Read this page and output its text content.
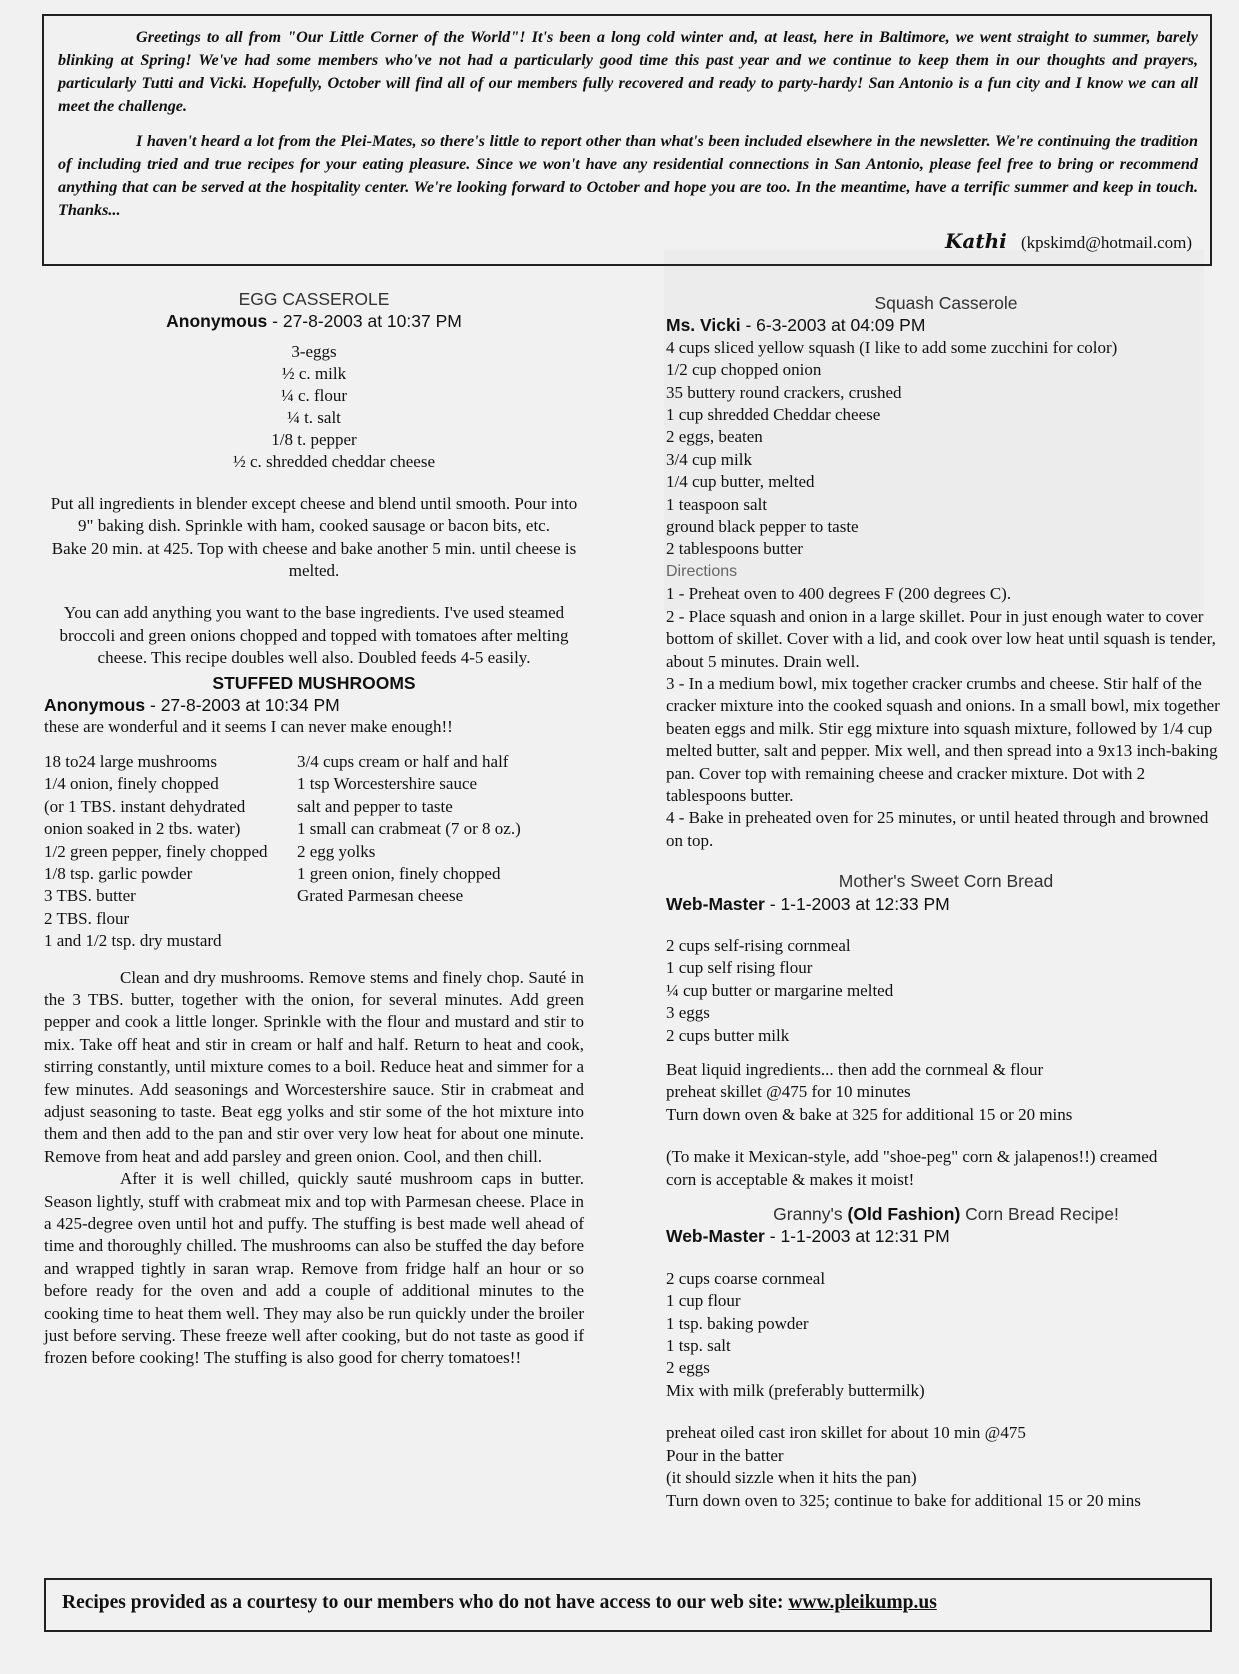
Greetings to all from "Our Little Corner of the World"! It's been a long cold winter and, at least, here in Baltimore, we went straight to summer, barely blinking at Spring! We've had some members who've not had a particularly good time this past year and we continue to keep them in our thoughts and prayers, particularly Tutti and Vicki. Hopefully, October will find all of our members fully recovered and ready to party-hardy! San Antonio is a fun city and I know we can all meet the challenge.

I haven't heard a lot from the Plei-Mates, so there's little to report other than what's been included elsewhere in the newsletter. We're continuing the tradition of including tried and true recipes for your eating pleasure. Since we won't have any residential connections in San Antonio, please feel free to bring or recommend anything that can be served at the hospitality center. We're looking forward to October and hope you are too. In the meantime, have a terrific summer and keep in touch. Thanks...

Kathi (kpskimd@hotmail.com)
EGG CASSEROLE
Anonymous - 27-8-2003 at 10:37 PM
3-eggs
½ c. milk
¼ c. flour
¼ t. salt
1/8 t. pepper
½ c. shredded cheddar cheese
Put all ingredients in blender except cheese and blend until smooth. Pour into 9" baking dish. Sprinkle with ham, cooked sausage or bacon bits, etc.
Bake 20 min. at 425. Top with cheese and bake another 5 min. until cheese is melted.
You can add anything you want to the base ingredients. I've used steamed broccoli and green onions chopped and topped with tomatoes after melting cheese. This recipe doubles well also. Doubled feeds 4-5 easily.
STUFFED MUSHROOMS
Anonymous - 27-8-2003 at 10:34 PM
these are wonderful and it seems I can never make enough!!
18 to24 large mushrooms
1/4 onion, finely chopped
(or 1 TBS. instant dehydrated
onion soaked in 2 tbs. water)
1/2 green pepper, finely chopped
1/8 tsp. garlic powder
3 TBS. butter
2 TBS. flour
1 and 1/2 tsp. dry mustard
3/4 cups cream or half and half
1 tsp Worcestershire sauce
salt and pepper to taste
1 small can crabmeat (7 or 8 oz.)
2 egg yolks
1 green onion, finely chopped
Grated Parmesan cheese
Clean and dry mushrooms. Remove stems and finely chop. Sauté in the 3 TBS. butter, together with the onion, for several minutes. Add green pepper and cook a little longer. Sprinkle with the flour and mustard and stir to mix. Take off heat and stir in cream or half and half. Return to heat and cook, stirring constantly, until mixture comes to a boil. Reduce heat and simmer for a few minutes. Add seasonings and Worcestershire sauce. Stir in crabmeat and adjust seasoning to taste. Beat egg yolks and stir some of the hot mixture into them and then add to the pan and stir over very low heat for about one minute. Remove from heat and add parsley and green onion. Cool, and then chill.
After it is well chilled, quickly sauté mushroom caps in butter. Season lightly, stuff with crabmeat mix and top with Parmesan cheese. Place in a 425-degree oven until hot and puffy. The stuffing is best made well ahead of time and thoroughly chilled. The mushrooms can also be stuffed the day before and wrapped tightly in saran wrap. Remove from fridge half an hour or so before ready for the oven and add a couple of additional minutes to the cooking time to heat them well. They may also be run quickly under the broiler just before serving. These freeze well after cooking, but do not taste as good if frozen before cooking! The stuffing is also good for cherry tomatoes!!
Squash Casserole
Ms. Vicki - 6-3-2003 at 04:09 PM
4 cups sliced yellow squash (I like to add some zucchini for color)
1/2 cup chopped onion
35 buttery round crackers, crushed
1 cup shredded Cheddar cheese
2 eggs, beaten
3/4 cup milk
1/4 cup butter, melted
1 teaspoon salt
ground black pepper to taste
2 tablespoons butter
Directions
1 - Preheat oven to 400 degrees F (200 degrees C).
2 - Place squash and onion in a large skillet. Pour in just enough water to cover bottom of skillet. Cover with a lid, and cook over low heat until squash is tender, about 5 minutes. Drain well.
3 - In a medium bowl, mix together cracker crumbs and cheese. Stir half of the cracker mixture into the cooked squash and onions. In a small bowl, mix together beaten eggs and milk. Stir egg mixture into squash mixture, followed by 1/4 cup melted butter, salt and pepper. Mix well, and then spread into a 9x13 inch-baking pan. Cover top with remaining cheese and cracker mixture. Dot with 2 tablespoons butter.
4 - Bake in preheated oven for 25 minutes, or until heated through and browned on top.
Mother's Sweet Corn Bread
Web-Master - 1-1-2003 at 12:33 PM
2 cups self-rising cornmeal
1 cup self rising flour
¼ cup butter or margarine melted
3 eggs
2 cups butter milk
Beat liquid ingredients... then add the cornmeal & flour
preheat skillet @475 for 10 minutes
Turn down oven & bake at 325 for additional 15 or 20 mins
(To make it Mexican-style, add "shoe-peg" corn & jalapenos!!) creamed corn is acceptable & makes it moist!
Granny's (Old Fashion) Corn Bread Recipe!
Web-Master - 1-1-2003 at 12:31 PM
2 cups coarse cornmeal
1 cup flour
1 tsp. baking powder
1 tsp. salt
2 eggs
Mix with milk (preferably buttermilk)
preheat oiled cast iron skillet for about 10 min @475
Pour in the batter
(it should sizzle when it hits the pan)
Turn down oven to 325; continue to bake for additional 15 or 20 mins
Recipes provided as a courtesy to our members who do not have access to our web site: www.pleikump.us
